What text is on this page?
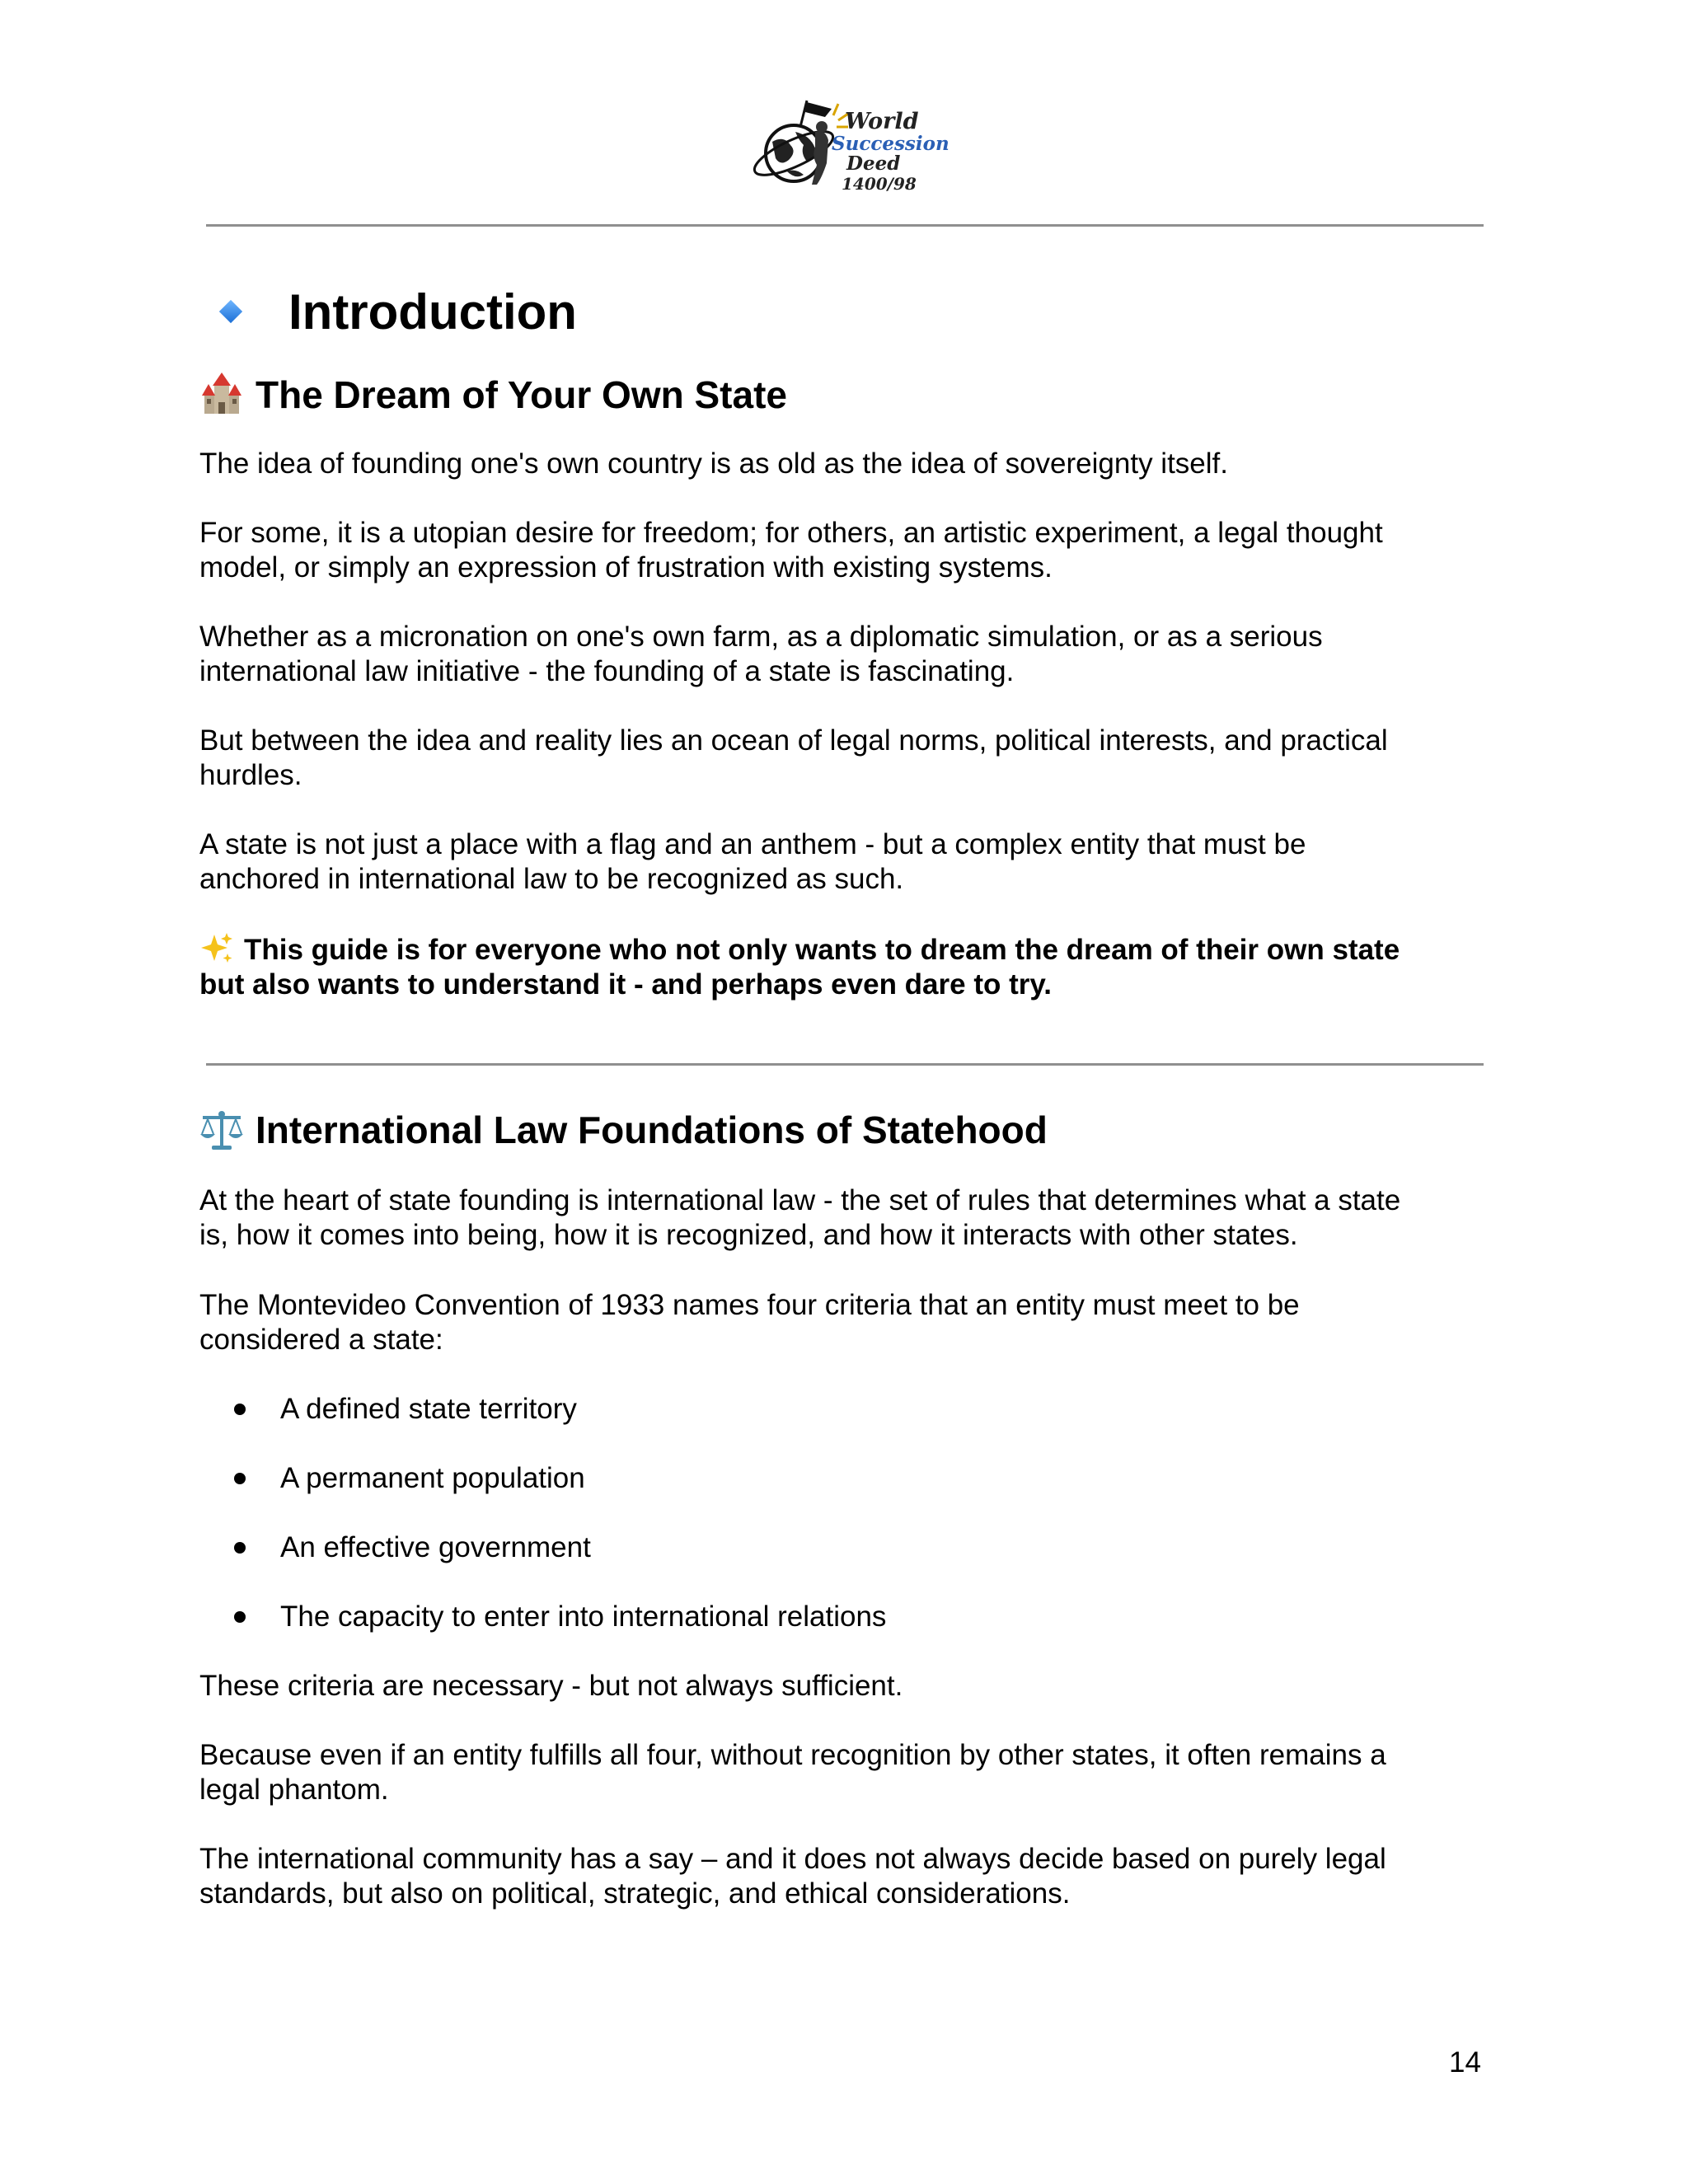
World
Succession
Deed
1400/98
Introduction
The Dream of Your Own State
The idea of founding one's own country is as old as the idea of sovereignty itself.
For some, it is a utopian desire for freedom; for others, an artistic experiment, a legal thought
model, or simply an expression of frustration with existing systems.
Whether as a micronation on one's own farm, as a diplomatic simulation, or as a serious
international law initiative - the founding of a state is fascinating.
But between the idea and reality lies an ocean of legal norms, political interests, and practical
hurdles.
A state is not just a place with a flag and an anthem - but a complex entity that must be
anchored in international law to be recognized as such.
This guide is for everyone who not only wants to dream the dream of their own state
but also wants to understand it - and perhaps even dare to try.
International Law Foundations of Statehood
At the heart of state founding is international law - the set of rules that determines what a state
is, how it comes into being, how it is recognized, and how it interacts with other states.
The Montevideo Convention of 1933 names four criteria that an entity must meet to be
considered a state:
A defined state territory
A permanent population
An effective government
The capacity to enter into international relations
These criteria are necessary - but not always sufficient.
Because even if an entity fulfills all four, without recognition by other states, it often remains a
legal phantom.
The international community has a say – and it does not always decide based on purely legal
standards, but also on political, strategic, and ethical considerations.
14
